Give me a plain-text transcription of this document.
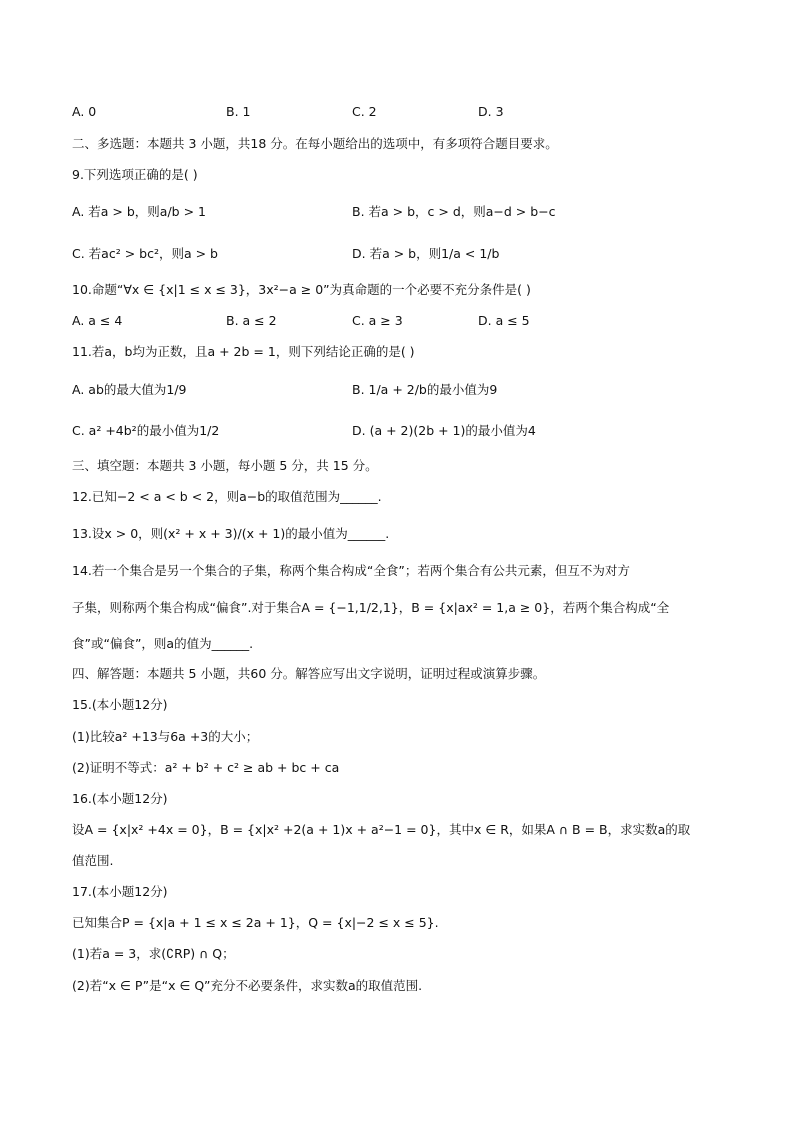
A. 0	B. 1	C. 2	D. 3
二、多选题：本题共 3 小题，共18 分。在每小题给出的选项中，有多项符合题目要求。
9.下列选项正确的是( )
A. 若a > b，则a/b > 1	B. 若a > b，c > d，则a−d > b−c
C. 若ac² > bc²，则a > b	D. 若a > b，则1/a < 1/b
10.命题“∀x ∈ {x|1 ≤ x ≤ 3}，3x²−a ≥ 0”为真命题的一个必要不充分条件是( )
A. a ≤ 4	B. a ≤ 2	C. a ≥ 3	D. a ≤ 5
11.若a，b均为正数，且a + 2b = 1，则下列结论正确的是( )
A. ab的最大值为1/9	B. 1/a + 2/b的最小值为9
C. a² +4b²的最小值为1/2	D. (a + 2)(2b + 1)的最小值为4
三、填空题：本题共 3 小题，每小题 5 分，共 15 分。
12.已知−2 < a < b < 2，则a−b的取值范围为______.
13.设x > 0，则(x² + x + 3)/(x + 1)的最小值为______.
14.若一个集合是另一个集合的子集，称两个集合构成“全食”；若两个集合有公共元素，但互不为对方
子集，则称两个集合构成“偏食”.对于集合A = {−1,1/2,1}，B = {x|ax² = 1,a ≥ 0}，若两个集合构成“全
食”或“偏食”，则a的值为______.
四、解答题：本题共 5 小题，共60 分。解答应写出文字说明，证明过程或演算步骤。
15.(本小题12分)
(1)比较a² +13与6a +3的大小；
(2)证明不等式：a² + b² + c² ≥ ab + bc + ca
16.(本小题12分)
设A = {x|x² +4x = 0}，B = {x|x² +2(a + 1)x + a²−1 = 0}，其中x ∈ R，如果A ∩ B = B，求实数a的取
值范围.
17.(本小题12分)
已知集合P = {x|a + 1 ≤ x ≤ 2a + 1}，Q = {x|−2 ≤ x ≤ 5}.
(1)若a = 3，求(∁RP) ∩ Q；
(2)若“x ∈ P”是“x ∈ Q”充分不必要条件，求实数a的取值范围.
